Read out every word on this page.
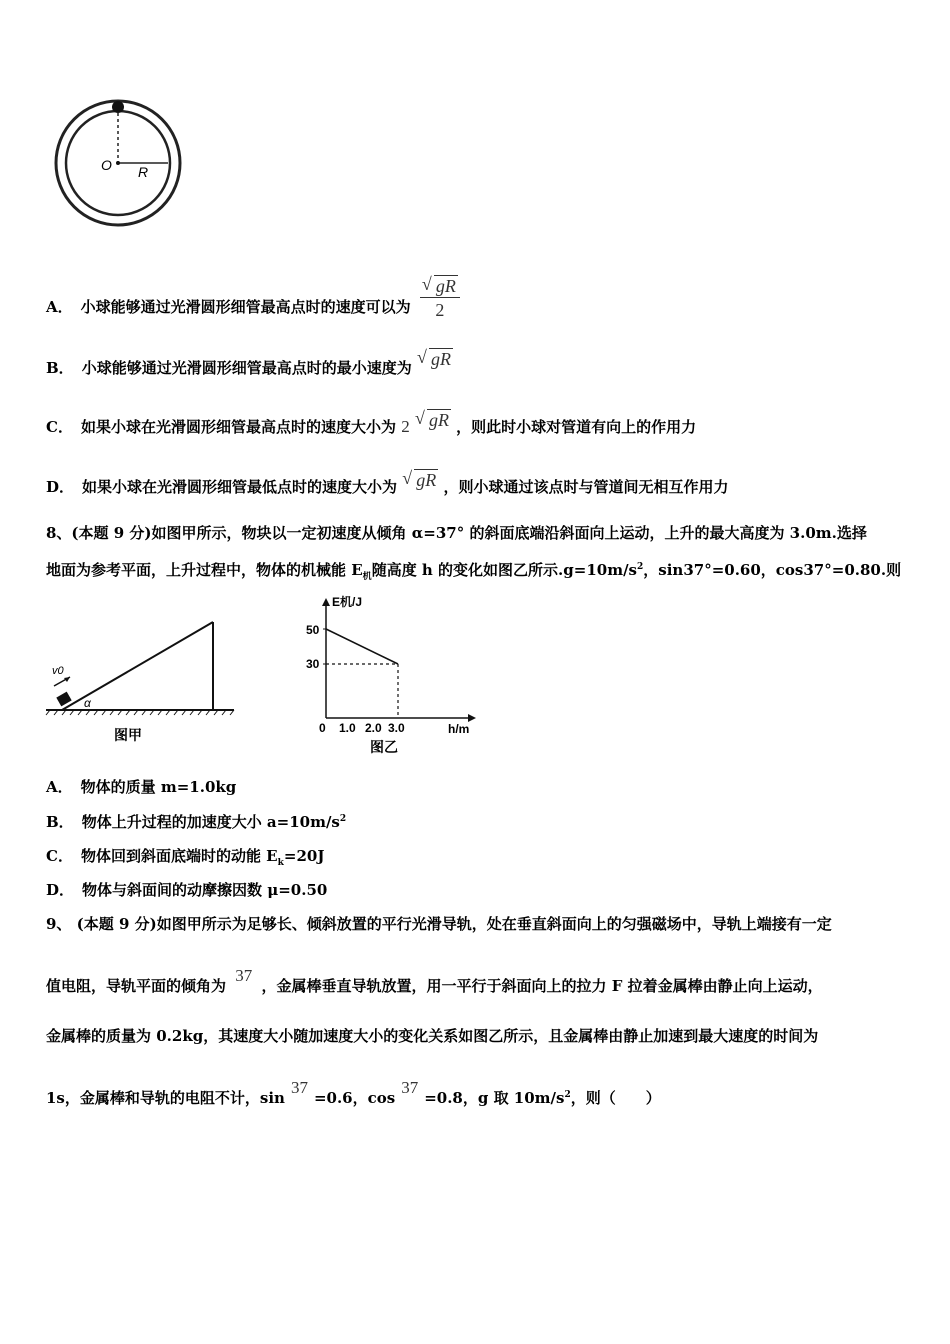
O R
A． 小球能够通过光滑圆形细管最高点时的速度可以为 $\frac{√ gR}{2}$
B． 小球能够通过光滑圆形细管最高点时的最小速度为
√ gR
C． 如果小球在光滑圆形细管最高点时的速度大小为 2 √ gR ，则此时小球对管道有向上的作用力
D． 如果小球在光滑圆形细管最低点时的速度大小为 √ gR ，则小球通过该点时与管道间无相互作用力
8、(本题 9 分)如图甲所示，物块以一定初速度从倾角 α=37° 的斜面底端沿斜面向上运动，上升的最大高度为 3.0m.选择
地面为参考平面，上升过程中，物体的机械能 $E_机$随高度 h 的变化如图乙所示$.g=10m/s^2$，sin37°=0.60，cos37°=0.80.则
v0
α
图甲
E机/J
h/m
50
30
0 1.0 2.0 3.0
图乙
A． 物体的质量 m=1.0kg
B． 物体上升过程的加速度大小 $a=10m/s^2$
C． 物体回到斜面底端时的动能 $E_k=20J$
D． 物体与斜面间的动摩擦因数 μ=0.50
9、 (本题 9 分)如图甲所示为足够长、倾斜放置的平行光滑导轨，处在垂直斜面向上的匀强磁场中，导轨上端接有一定
值电阻，导轨平面的倾角为 37 ，金属棒垂直导轨放置，用一平行于斜面向上的拉力 F 拉着金属棒由静止向上运动，
金属棒的质量为 0.2kg，其速度大小随加速度大小的变化关系如图乙所示，且金属棒由静止加速到最大速度的时间为
1s，金属棒和导轨的电阻不计，sin37=0.6，cos37=0.8，g 取 $10m/s^2$，则（　　）
